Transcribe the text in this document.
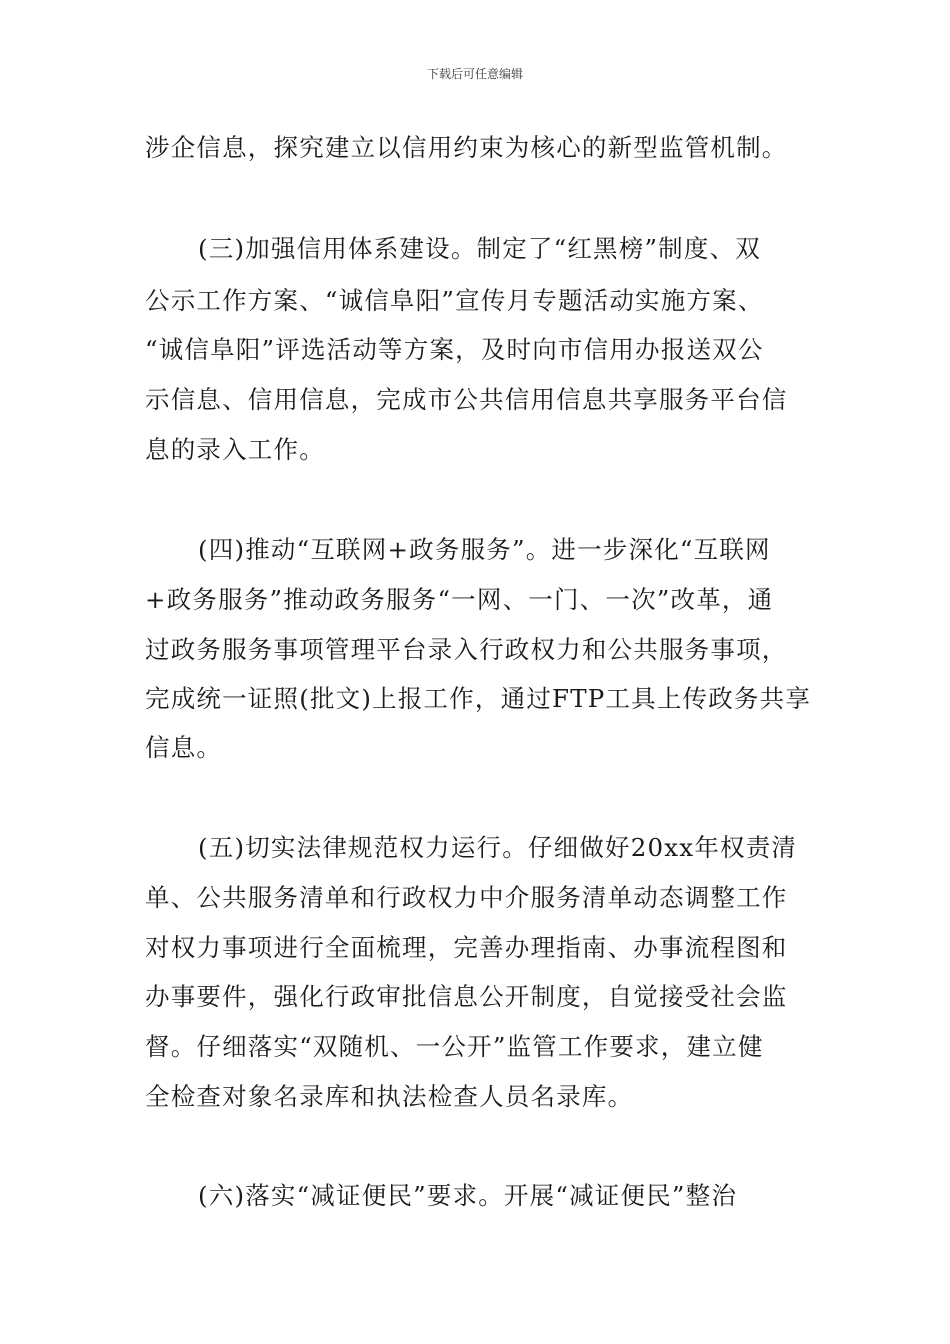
下载后可任意编辑
涉企信息，探究建立以信用约束为核心的新型监管机制。
(三)加强信用体系建设。制定了“红黑榜”制度、双
公示工作方案、“诚信阜阳”宣传月专题活动实施方案、
“诚信阜阳”评选活动等方案，及时向市信用办报送双公
示信息、信用信息，完成市公共信用信息共享服务平台信
息的录入工作。
(四)推动“互联网+政务服务”。进一步深化“互联网
+政务服务”推动政务服务“一网、一门、一次”改革，通
过政务服务事项管理平台录入行政权力和公共服务事项，
完成统一证照(批文)上报工作，通过FTP工具上传政务共享
信息。
(五)切实法律规范权力运行。仔细做好20xx年权责清
单、公共服务清单和行政权力中介服务清单动态调整工作
对权力事项进行全面梳理，完善办理指南、办事流程图和
办事要件，强化行政审批信息公开制度，自觉接受社会监
督。仔细落实“双随机、一公开”监管工作要求，建立健
全检查对象名录库和执法检查人员名录库。
(六)落实“减证便民”要求。开展“减证便民”整治
